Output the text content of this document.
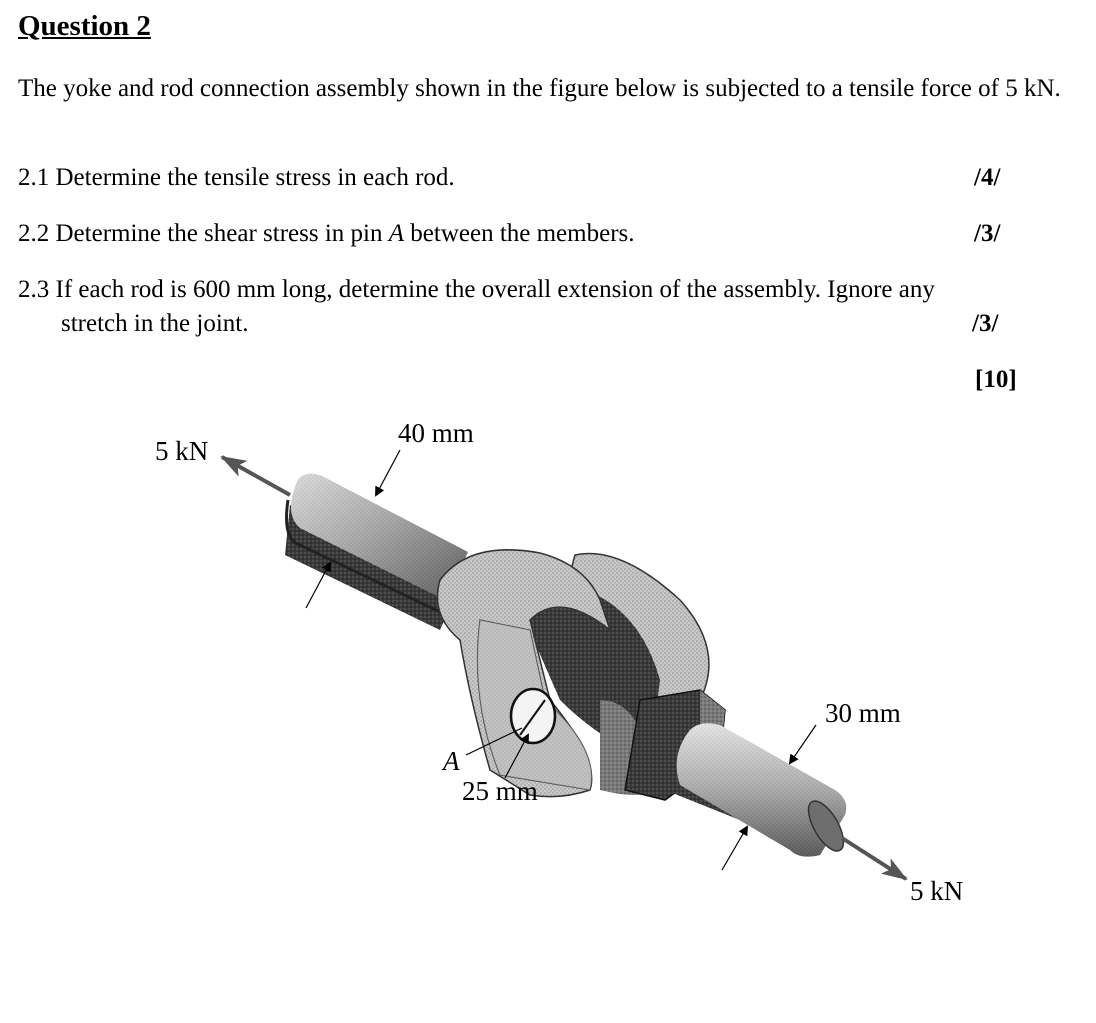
Question 2

The yoke and rod connection assembly shown in the figure below is subjected to a tensile force of 5 kN.

2.1 Determine the tensile stress in each rod.	/4/

2.2 Determine the shear stress in pin A between the members.	/3/

2.3 If each rod is 600 mm long, determine the overall extension of the assembly. Ignore any

stretch in the joint.	/3/
[10]
5 kN
40 mm
30 mm
A
25 mm
5 kN
